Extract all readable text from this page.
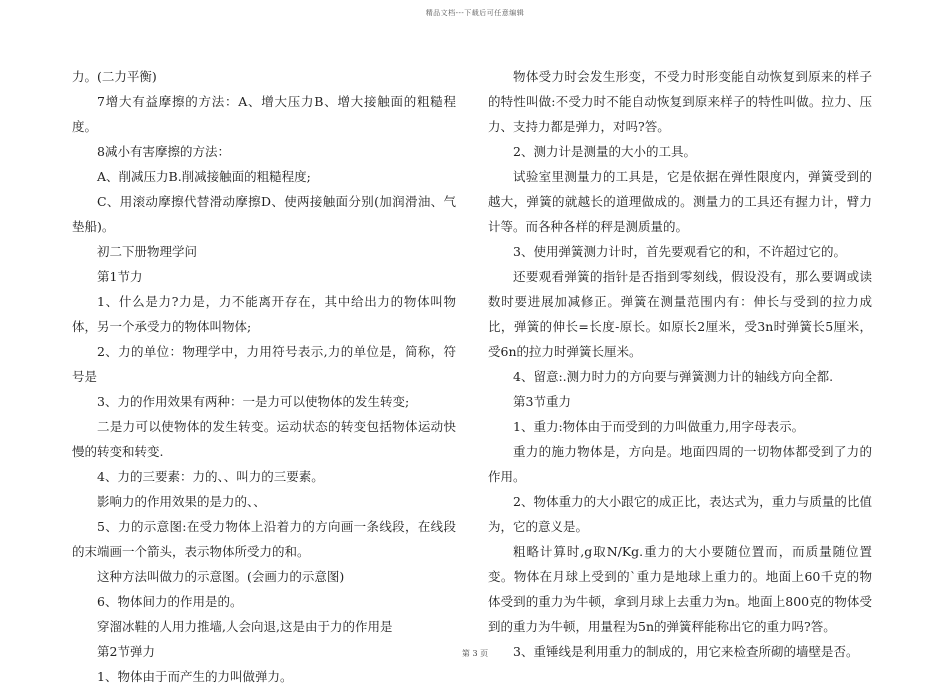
精品文档---下载后可任意编辑

力。(二力平衡)

7增大有益摩擦的方法：A、增大压力B、增大接触面的粗糙程度。

8减小有害摩擦的方法：

A、削减压力B.削减接触面的粗糙程度;

C、用滚动摩擦代替滑动摩擦D、使两接触面分别(加润滑油、气垫船)。

初二下册物理学问

第1节力

1、什么是力?力是，力不能离开存在，其中给出力的物体叫物体，另一个承受力的物体叫物体;

2、力的单位：物理学中，力用符号表示,力的单位是，简称，符号是

3、力的作用效果有两种：一是力可以使物体的发生转变;

二是力可以使物体的发生转变。运动状态的转变包括物体运动快慢的转变和转变.

4、力的三要素：力的、、叫力的三要素。

影响力的作用效果的是力的、、

5、力的示意图:在受力物体上沿着力的方向画一条线段，在线段的末端画一个箭头，表示物体所受力的和。

这种方法叫做力的示意图。(会画力的示意图)

6、物体间力的作用是的。

穿溜冰鞋的人用力推墙,人会向退,这是由于力的作用是

第2节弹力

1、物体由于而产生的力叫做弹力。

物体受力时会发生形变，不受力时形变能自动恢复到原来的样子的特性叫做:不受力时不能自动恢复到原来样子的特性叫做。拉力、压力、支持力都是弹力，对吗?答。

2、测力计是测量的大小的工具。

试验室里测量力的工具是，它是依据在弹性限度内，弹簧受到的越大，弹簧的就越长的道理做成的。测量力的工具还有握力计，臂力计等。而各种各样的秤是测质量的。

3、使用弹簧测力计时，首先要观看它的和，不许超过它的。

还要观看弹簧的指针是否指到零刻线，假设没有，那么要调或读数时要进展加减修正。弹簧在测量范围内有：伸长与受到的拉力成比，弹簧的伸长=长度-原长。如原长2厘米，受3n时弹簧长5厘米，受6n的拉力时弹簧长厘米。

4、留意:.测力时力的方向要与弹簧测力计的轴线方向全都.

第3节重力

1、重力:物体由于而受到的力叫做重力,用字母表示。

重力的施力物体是，方向是。地面四周的一切物体都受到了力的作用。

2、物体重力的大小跟它的成正比，表达式为，重力与质量的比值为，它的意义是。

粗略计算时,g取N/Kg.重力的大小要随位置而，而质量随位置变。物体在月球上受到的`重力是地球上重力的。地面上60千克的物体受到的重力为牛顿，拿到月球上去重力为n。地面上800克的物体受到的重力为牛顿，用量程为5n的弹簧秤能称出它的重力吗?答。

3、重锤线是利用重力的制成的，用它来检查所砌的墙壁是否。

第 3 页
